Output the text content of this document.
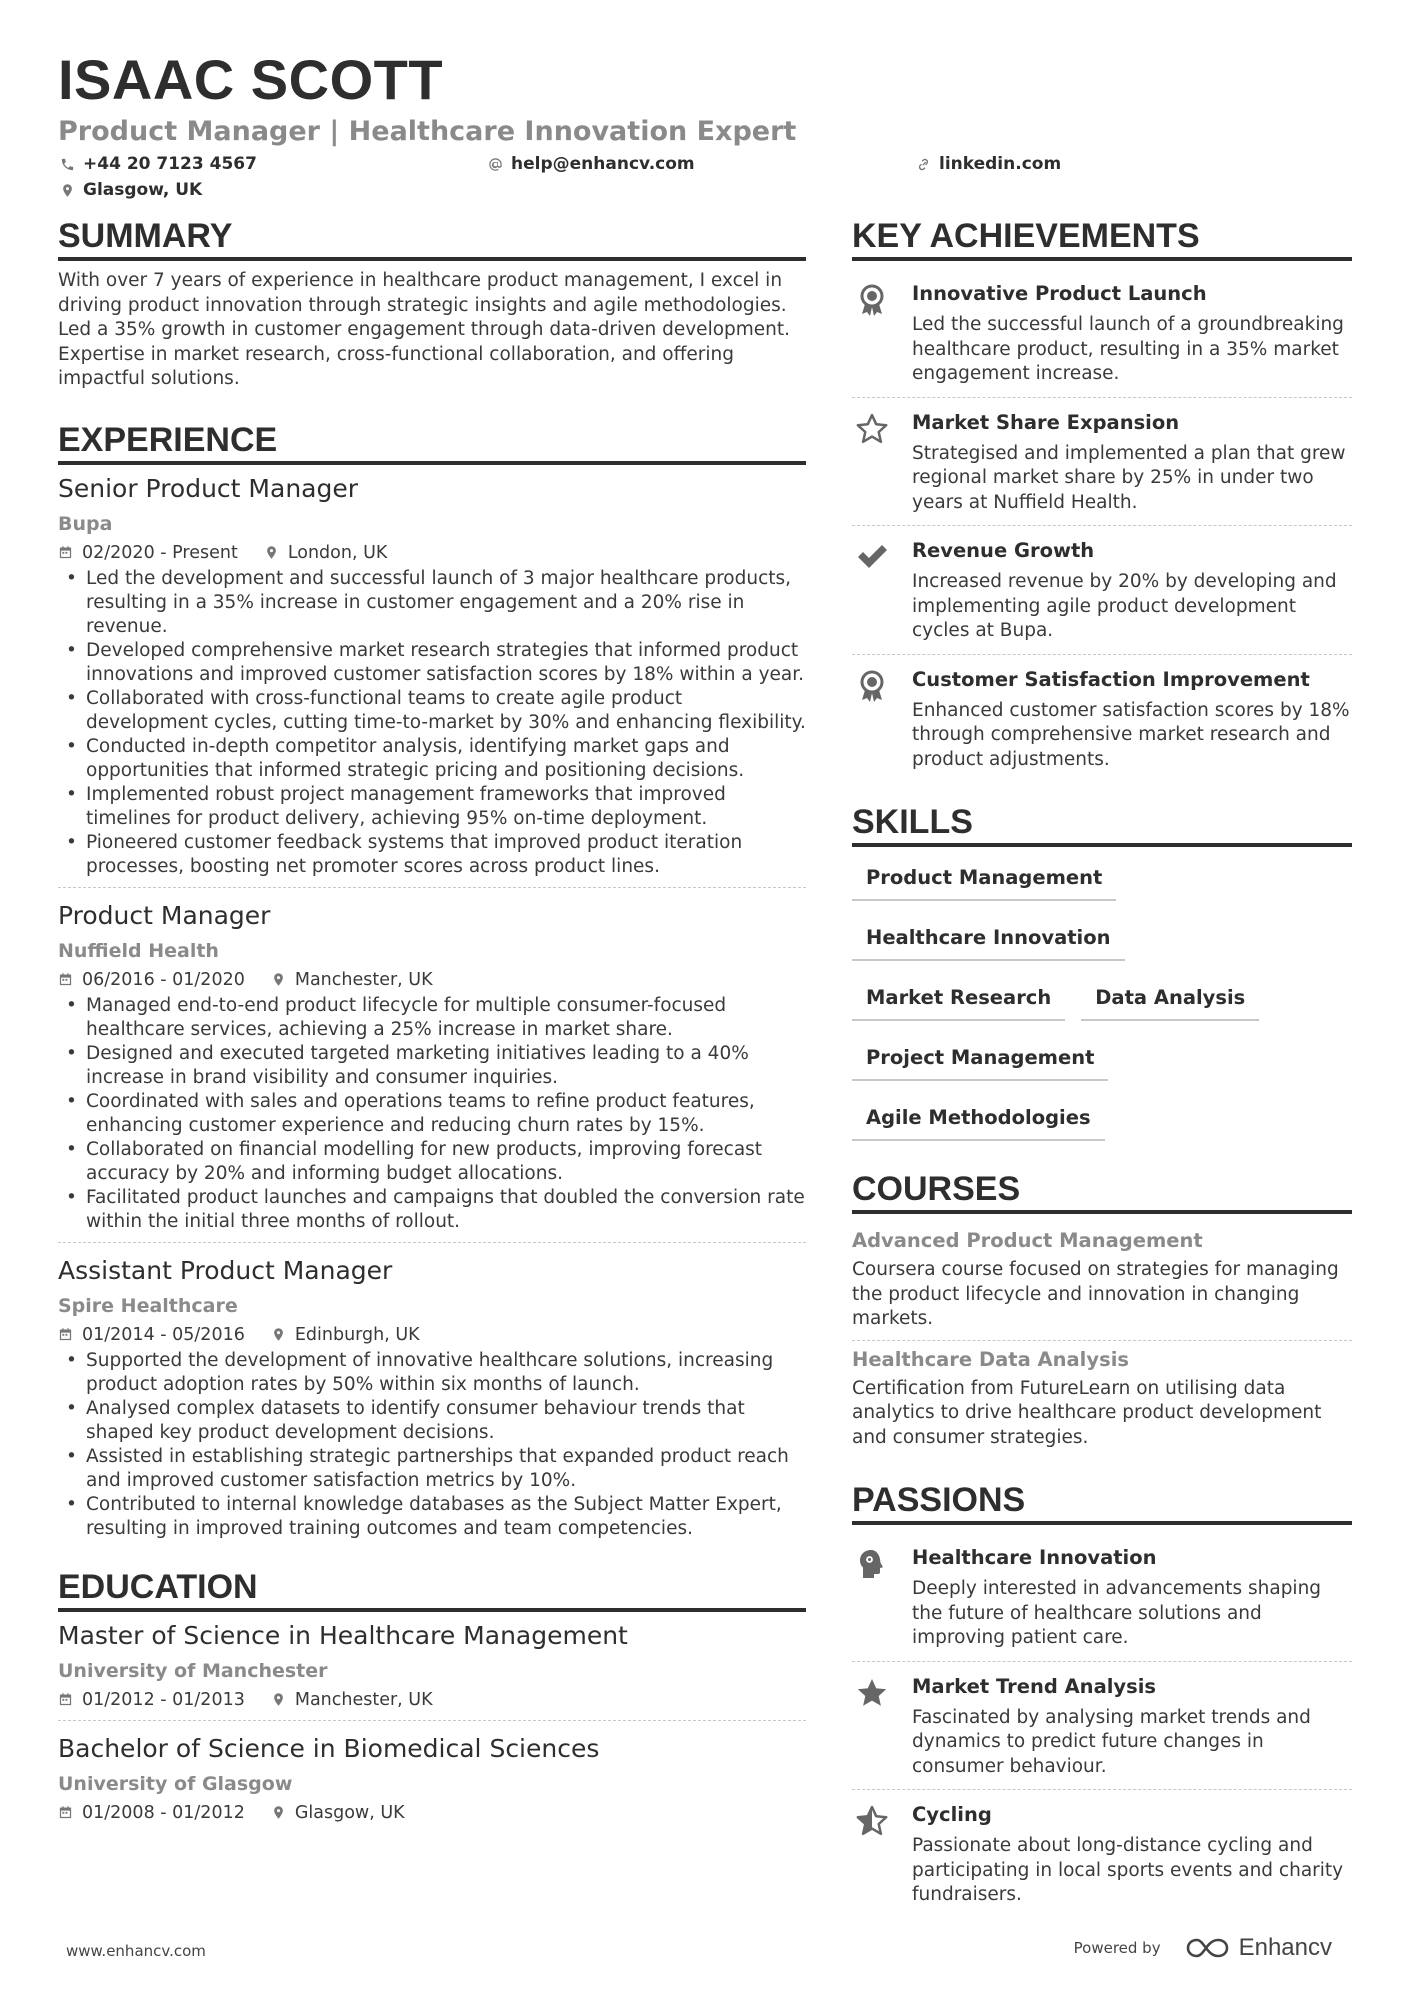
ISAAC SCOTT
Product Manager | Healthcare Innovation Expert
+44 20 7123 4567	help@enhancv.com	linkedin.com
Glasgow, UK
SUMMARY
With over 7 years of experience in healthcare product management, I excel in driving product innovation through strategic insights and agile methodologies. Led a 35% growth in customer engagement through data-driven development. Expertise in market research, cross-functional collaboration, and offering impactful solutions.
EXPERIENCE
Senior Product Manager
Bupa
02/2020 - Present	London, UK
• Led the development and successful launch of 3 major healthcare products, resulting in a 35% increase in customer engagement and a 20% rise in revenue.
• Developed comprehensive market research strategies that informed product innovations and improved customer satisfaction scores by 18% within a year.
• Collaborated with cross-functional teams to create agile product development cycles, cutting time-to-market by 30% and enhancing flexibility.
• Conducted in-depth competitor analysis, identifying market gaps and opportunities that informed strategic pricing and positioning decisions.
• Implemented robust project management frameworks that improved timelines for product delivery, achieving 95% on-time deployment.
• Pioneered customer feedback systems that improved product iteration processes, boosting net promoter scores across product lines.
Product Manager
Nuffield Health
06/2016 - 01/2020	Manchester, UK
• Managed end-to-end product lifecycle for multiple consumer-focused healthcare services, achieving a 25% increase in market share.
• Designed and executed targeted marketing initiatives leading to a 40% increase in brand visibility and consumer inquiries.
• Coordinated with sales and operations teams to refine product features, enhancing customer experience and reducing churn rates by 15%.
• Collaborated on financial modelling for new products, improving forecast accuracy by 20% and informing budget allocations.
• Facilitated product launches and campaigns that doubled the conversion rate within the initial three months of rollout.
Assistant Product Manager
Spire Healthcare
01/2014 - 05/2016	Edinburgh, UK
• Supported the development of innovative healthcare solutions, increasing product adoption rates by 50% within six months of launch.
• Analysed complex datasets to identify consumer behaviour trends that shaped key product development decisions.
• Assisted in establishing strategic partnerships that expanded product reach and improved customer satisfaction metrics by 10%.
• Contributed to internal knowledge databases as the Subject Matter Expert, resulting in improved training outcomes and team competencies.
EDUCATION
Master of Science in Healthcare Management
University of Manchester
01/2012 - 01/2013	Manchester, UK
Bachelor of Science in Biomedical Sciences
University of Glasgow
01/2008 - 01/2012	Glasgow, UK
KEY ACHIEVEMENTS
Innovative Product Launch
Led the successful launch of a groundbreaking healthcare product, resulting in a 35% market engagement increase.
Market Share Expansion
Strategised and implemented a plan that grew regional market share by 25% in under two years at Nuffield Health.
Revenue Growth
Increased revenue by 20% by developing and implementing agile product development cycles at Bupa.
Customer Satisfaction Improvement
Enhanced customer satisfaction scores by 18% through comprehensive market research and product adjustments.
SKILLS
Product Management
Healthcare Innovation
Market Research	Data Analysis
Project Management
Agile Methodologies
COURSES
Advanced Product Management
Coursera course focused on strategies for managing the product lifecycle and innovation in changing markets.
Healthcare Data Analysis
Certification from FutureLearn on utilising data analytics to drive healthcare product development and consumer strategies.
PASSIONS
Healthcare Innovation
Deeply interested in advancements shaping the future of healthcare solutions and improving patient care.
Market Trend Analysis
Fascinated by analysing market trends and dynamics to predict future changes in consumer behaviour.
Cycling
Passionate about long-distance cycling and participating in local sports events and charity fundraisers.
www.enhancv.com	Powered by	Enhancv
